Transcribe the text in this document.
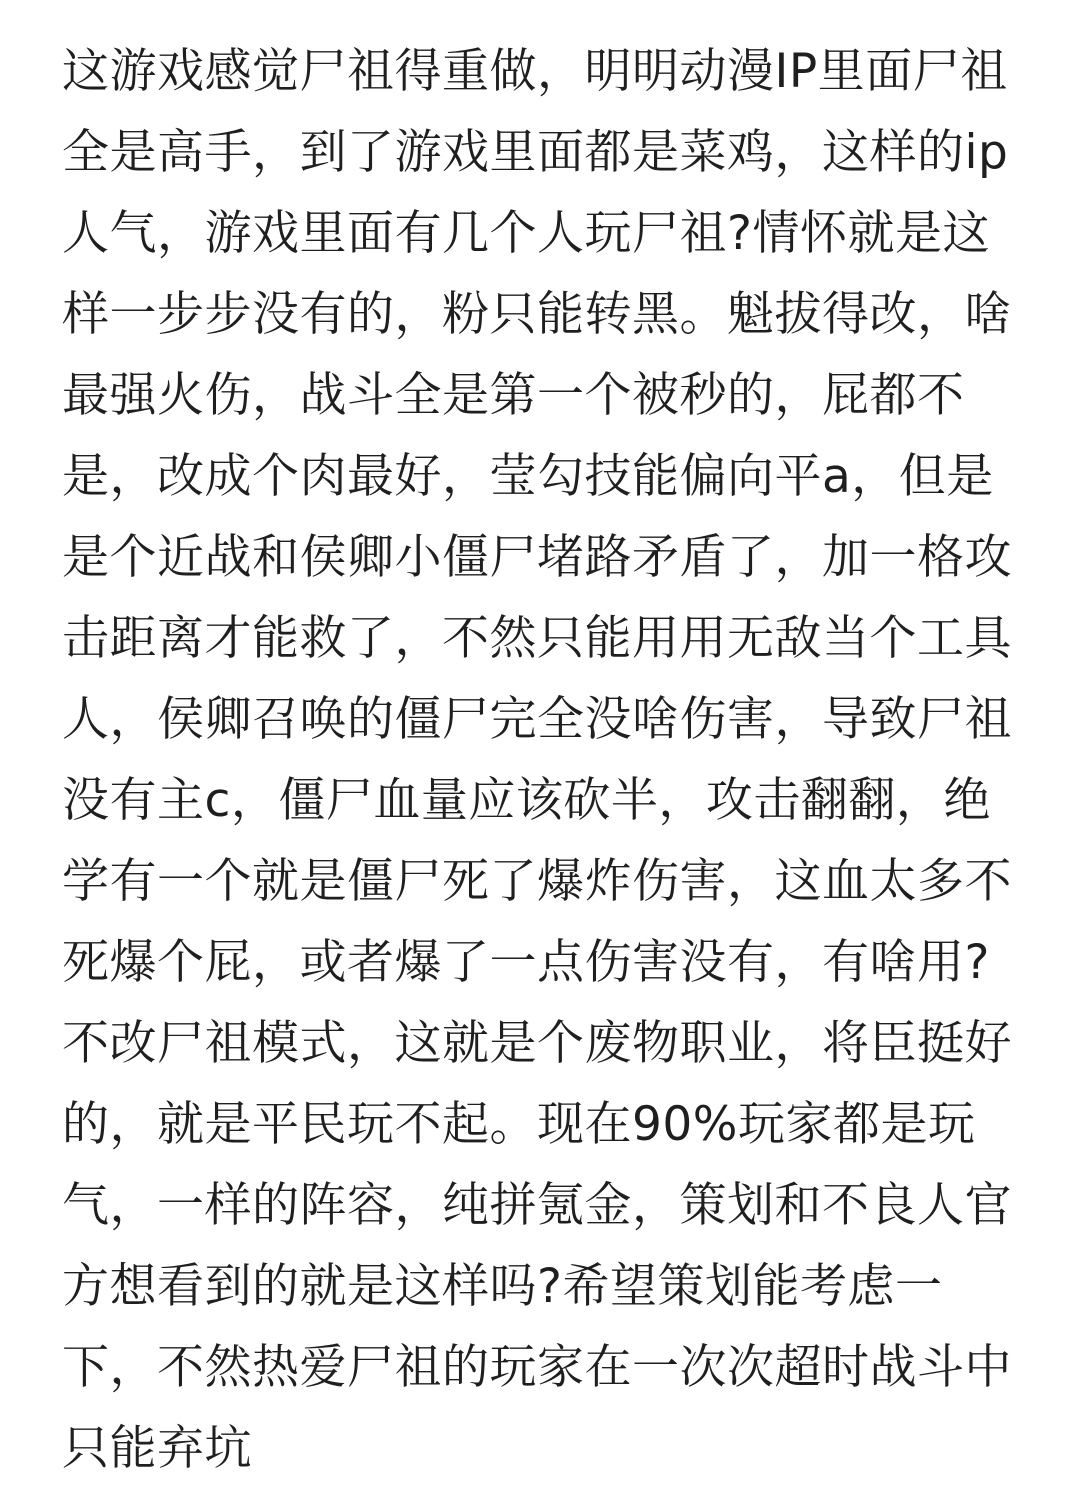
这游戏感觉尸祖得重做，明明动漫IP里面尸祖
全是高手，到了游戏里面都是菜鸡，这样的ip
人气，游戏里面有几个人玩尸祖?情怀就是这
样一步步没有的，粉只能转黑。魁拔得改，啥
最强火伤，战斗全是第一个被秒的，屁都不
是，改成个肉最好，莹勾技能偏向平a，但是
是个近战和侯卿小僵尸堵路矛盾了，加一格攻
击距离才能救了，不然只能用用无敌当个工具
人，侯卿召唤的僵尸完全没啥伤害，导致尸祖
没有主c，僵尸血量应该砍半，攻击翻翻，绝
学有一个就是僵尸死了爆炸伤害，这血太多不
死爆个屁，或者爆了一点伤害没有，有啥用?
不改尸祖模式，这就是个废物职业，将臣挺好
的，就是平民玩不起。现在90%玩家都是玩
气，一样的阵容，纯拼氪金，策划和不良人官
方想看到的就是这样吗?希望策划能考虑一
下，不然热爱尸祖的玩家在一次次超时战斗中
只能弃坑
